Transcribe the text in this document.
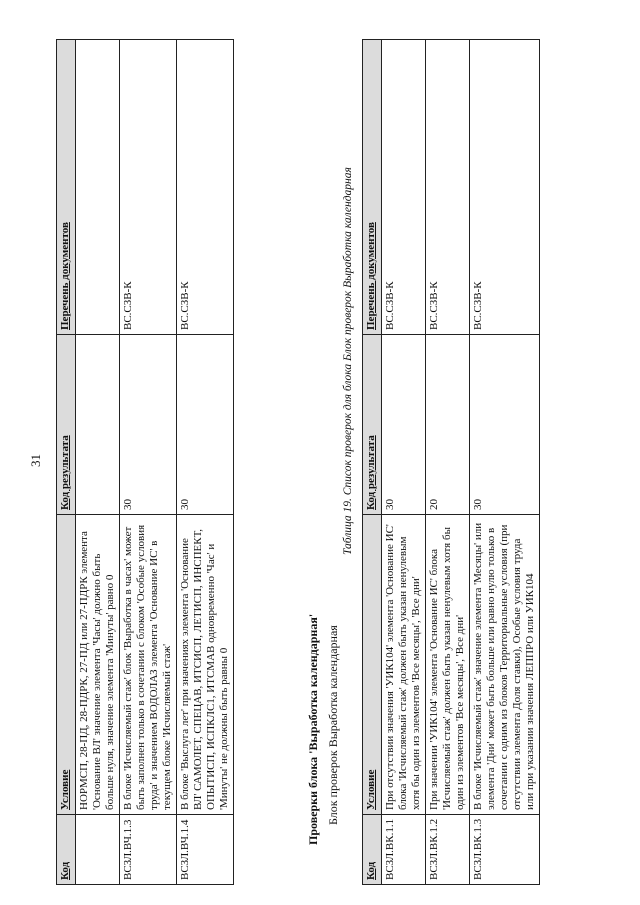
31
Код	Условие	Код результата	Перечень документов
	НОРМСП, 28-ПД, 28-ПДРК, 27-ПД или 27-ПДРК элемента 'Основание ВЛ' значение элемента 'Часы' должно быть больше нуля, значение элемента 'Минуты' равно 0		
ВСЗЛ.ВЧ.1.3	В блоке 'Исчисляемый стаж' блок 'Выработка в часах' может быть заполнен только в сочетании с блоком 'Особые условия труда' и значением ВОДОЛАЗ элемента 'Основание ИС' в текущем блоке 'Исчисляемый стаж'	30	ВС.СЗВ-К
ВСЗЛ.ВЧ.1.4	В блоке 'Выслуга лет' при значениях элемента 'Основание ВЛ' САМОЛЕТ, СПЕЦАВ, ИТСИСП, ЛЕТИСП, ИНСПЕКТ, ОПЫТИСП, ИСПКЛС1, ИТСМАВ одновременно 'Час' и 'Минуты' не должны быть равны 0	30	ВС.СЗВ-К
Проверки блока 'Выработка календарная' Блок проверок Выработка календарная
Таблица 19. Список проверок для блока Блок проверок Выработка календарная
Код	Условие	Код результата	Перечень документов
ВСЗЛ.ВК.1.1	При отсутствии значения 'УИК104' элемента 'Основание ИС' блока 'Исчисляемый стаж' должен быть указан ненулевым хотя бы один из элементов 'Все месяцы', 'Все дни'	30	ВС.СЗВ-К
ВСЗЛ.ВК.1.2	При значении 'УИК104' элемента 'Основание ИС' блока 'Исчисляемый стаж' должен быть указан ненулевым хотя бы один из элементов 'Все месяцы', 'Все дни'	20	ВС.СЗВ-К
ВСЗЛ.ВК.1.3	В блоке 'Исчисляемый стаж' значение элемента 'Месяцы' или элемента 'Дни' может быть больше или равно нулю только в сочетании с одним из блоков Территориальные условия (при отсутствии элемента Доля ставки), Особые условия труда или при указании значения ЛЕППРО или УИК104	30	ВС.СЗВ-К
